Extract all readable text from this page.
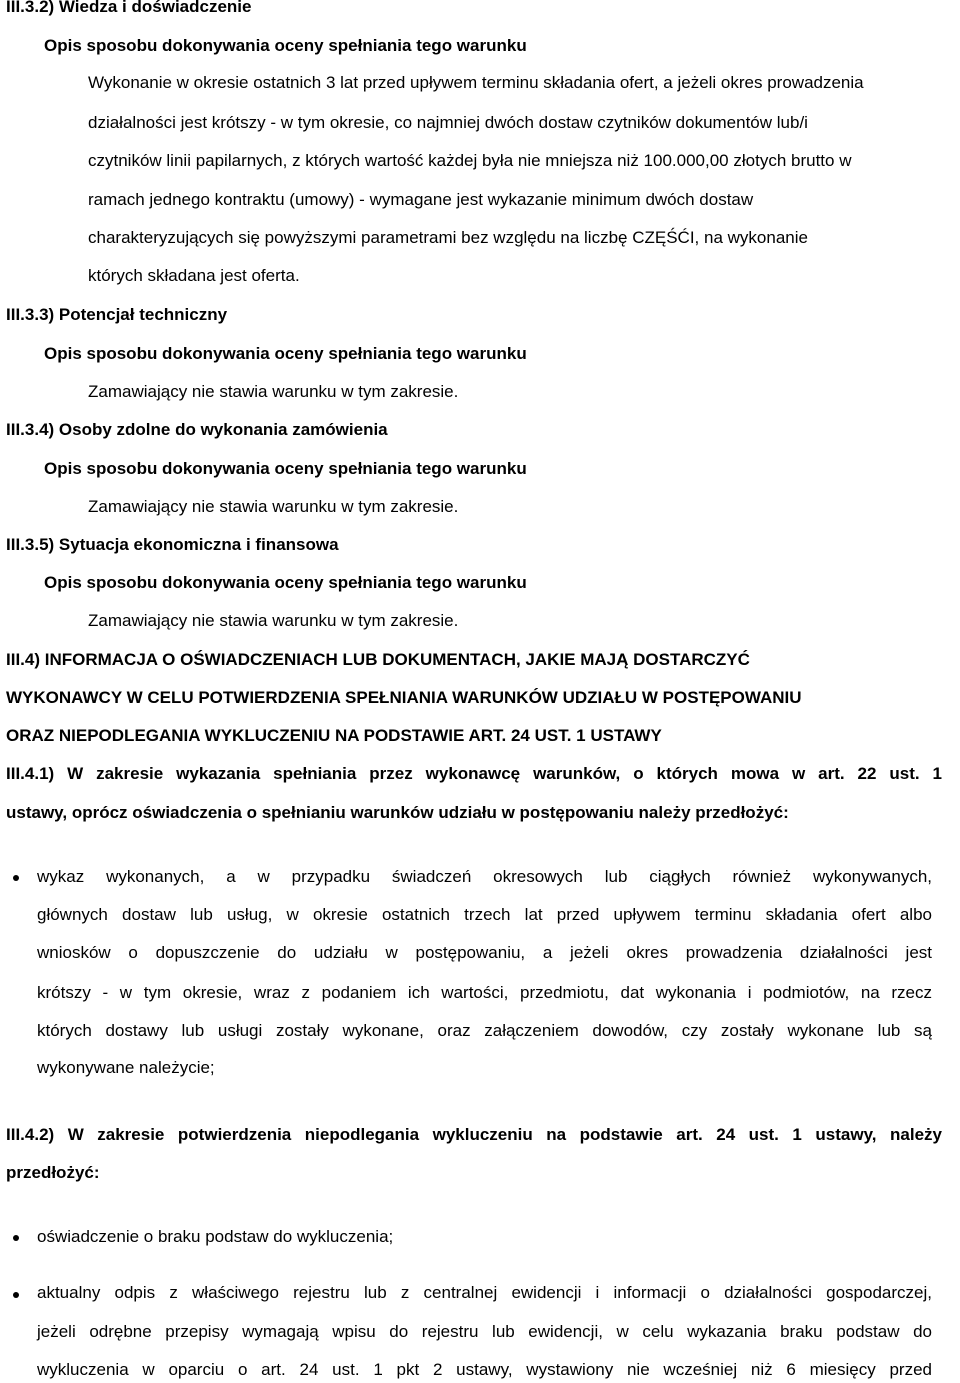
III.3.2) Wiedza i doświadczenie
Opis sposobu dokonywania oceny spełniania tego warunku
Wykonanie w okresie ostatnich 3 lat przed upływem terminu składania ofert, a jeżeli okres prowadzenia
działalności jest krótszy - w tym okresie, co najmniej dwóch dostaw czytników dokumentów lub/i
czytników linii papilarnych, z których wartość każdej była nie mniejsza niż 100.000,00 złotych brutto w
ramach jednego kontraktu (umowy) - wymagane jest wykazanie minimum dwóch dostaw
charakteryzujących się powyższymi parametrami bez względu na liczbę CZĘŚĆI, na wykonanie
których składana jest oferta.
III.3.3) Potencjał techniczny
Opis sposobu dokonywania oceny spełniania tego warunku
Zamawiający nie stawia warunku w tym zakresie.
III.3.4) Osoby zdolne do wykonania zamówienia
Opis sposobu dokonywania oceny spełniania tego warunku
Zamawiający nie stawia warunku w tym zakresie.
III.3.5) Sytuacja ekonomiczna i finansowa
Opis sposobu dokonywania oceny spełniania tego warunku
Zamawiający nie stawia warunku w tym zakresie.
III.4) INFORMACJA O OŚWIADCZENIACH LUB DOKUMENTACH, JAKIE MAJĄ DOSTARCZYĆ
WYKONAWCY W CELU POTWIERDZENIA SPEŁNIANIA WARUNKÓW UDZIAŁU W POSTĘPOWANIU
ORAZ NIEPODLEGANIA WYKLUCZENIU NA PODSTAWIE ART. 24 UST. 1 USTAWY
III.4.1) W zakresie wykazania spełniania przez wykonawcę warunków, o których mowa w art. 22 ust. 1
ustawy, oprócz oświadczenia o spełnianiu warunków udziału w postępowaniu należy przedłożyć:
wykaz wykonanych, a w przypadku świadczeń okresowych lub ciągłych również wykonywanych,
głównych dostaw lub usług, w okresie ostatnich trzech lat przed upływem terminu składania ofert albo
wniosków o dopuszczenie do udziału w postępowaniu, a jeżeli okres prowadzenia działalności jest
krótszy - w tym okresie, wraz z podaniem ich wartości, przedmiotu, dat wykonania i podmiotów, na rzecz
których dostawy lub usługi zostały wykonane, oraz załączeniem dowodów, czy zostały wykonane lub są
wykonywane należycie;
III.4.2) W zakresie potwierdzenia niepodlegania wykluczeniu na podstawie art. 24 ust. 1 ustawy, należy
przedłożyć:
oświadczenie o braku podstaw do wykluczenia;
aktualny odpis z właściwego rejestru lub z centralnej ewidencji i informacji o działalności gospodarczej,
jeżeli odrębne przepisy wymagają wpisu do rejestru lub ewidencji, w celu wykazania braku podstaw do
wykluczenia w oparciu o art. 24 ust. 1 pkt 2 ustawy, wystawiony nie wcześniej niż 6 miesięcy przed
